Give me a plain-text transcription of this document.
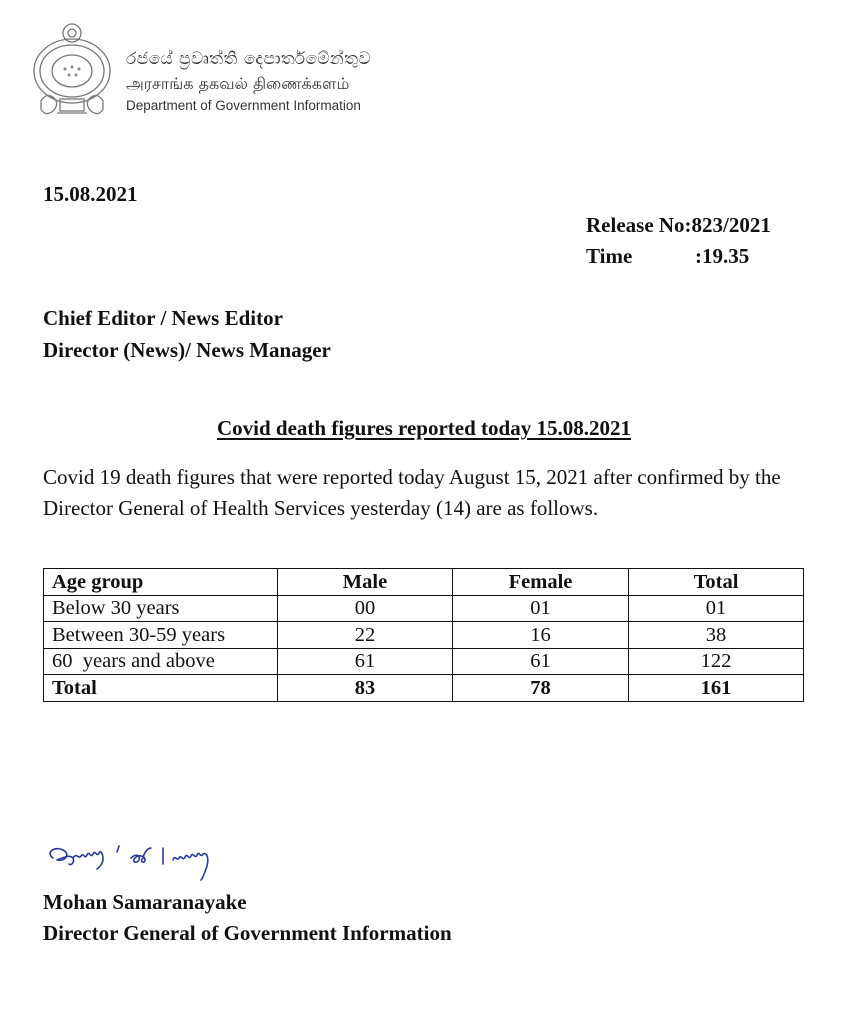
රජයේ ප්‍රවෘත්ති දෙපාර්තමේන්තුව
அரசாங்க தகவல் திணைக்களம்
Department of Government Information
15.08.2021
Release No:823/2021
Time	:19.35
Chief Editor / News Editor
Director (News)/ News Manager
Covid death figures reported today 15.08.2021
Covid 19 death figures that were reported today August 15, 2021 after confirmed by the Director General of Health Services yesterday (14) are as follows.
Age group	Male	Female	Total
Below 30 years	00	01	01
Between 30-59 years	22	16	38
60  years and above	61	61	122
Total	83	78	161
Mohan Samaranayake
Director General of Government Information
